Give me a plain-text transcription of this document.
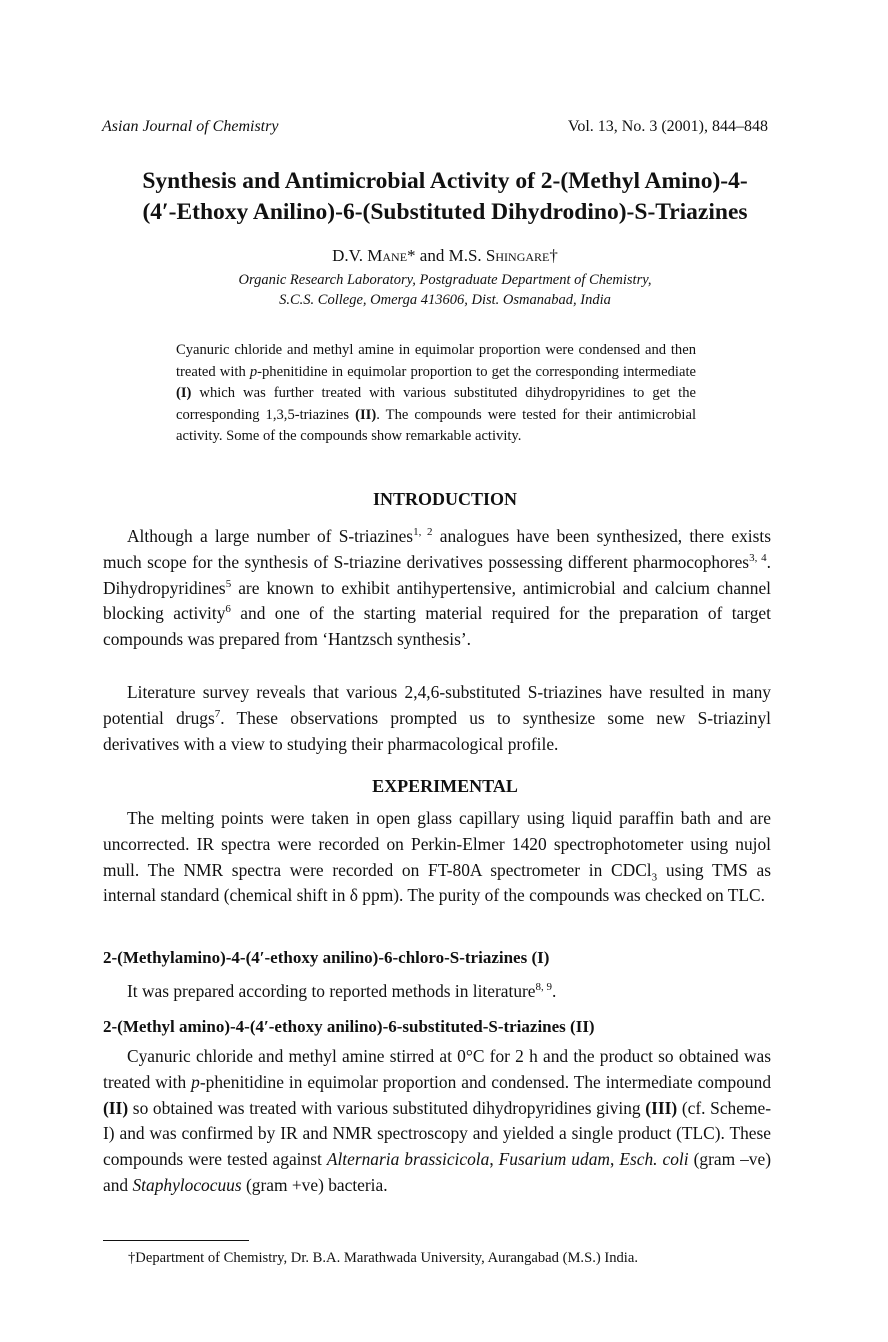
Asian Journal of Chemistry	Vol. 13, No. 3 (2001), 844–848
Synthesis and Antimicrobial Activity of 2-(Methyl Amino)-4-
(4′-Ethoxy Anilino)-6-(Substituted Dihydrodino)-S-Triazines
D.V. Mane* and M.S. Shingare†
Organic Research Laboratory, Postgraduate Department of Chemistry,
S.C.S. College, Omerga 413606, Dist. Osmanabad, India

Cyanuric chloride and methyl amine in equimolar proportion were condensed and then treated with p-phenitidine in equimolar proportion to get the corresponding intermediate (I) which was further treated with various substituted dihydropyridines to get the corresponding 1,3,5-triazines (II). The compounds were tested for their antimicrobial activity. Some of the compounds show remarkable activity.

INTRODUCTION

Although a large number of S-triazines$^{1, 2}$ analogues have been synthesized, there exists much scope for the synthesis of S-triazine derivatives possessing different pharmocophores$^{3, 4}$. Dihydropyridines$^5$ are known to exhibit antihypertensive, antimicrobial and calcium channel blocking activity$^6$ and one of the starting material required for the preparation of target compounds was prepared from ‘Hantzsch synthesis’.

Literature survey reveals that various 2,4,6-substituted S-triazines have resulted in many potential drugs$^7$. These observations prompted us to synthesize some new S-triazinyl derivatives with a view to studying their pharmacological profile.

EXPERIMENTAL

The melting points were taken in open glass capillary using liquid paraffin bath and are uncorrected. IR spectra were recorded on Perkin-Elmer 1420 spectrophotometer using nujol mull. The NMR spectra were recorded on FT-80A spectrometer in CDCl$_3$ using TMS as internal standard (chemical shift in δ ppm). The purity of the compounds was checked on TLC.

2-(Methylamino)-4-(4′-ethoxy anilino)-6-chloro-S-triazines (I)

It was prepared according to reported methods in literature$^{8, 9}$.

2-(Methyl amino)-4-(4′-ethoxy anilino)-6-substituted-S-triazines (II)

Cyanuric chloride and methyl amine stirred at 0°C for 2 h and the product so obtained was treated with p-phenitidine in equimolar proportion and condensed. The intermediate compound (II) so obtained was treated with various substituted dihydropyridines giving (III) (cf. Scheme-I) and was confirmed by IR and NMR spectroscopy and yielded a single product (TLC). These compounds were tested against Alternaria brassicicola, Fusarium udam, Esch. coli (gram –ve) and Staphylococuus (gram +ve) bacteria.

†Department of Chemistry, Dr. B.A. Marathwada University, Aurangabad (M.S.) India.
